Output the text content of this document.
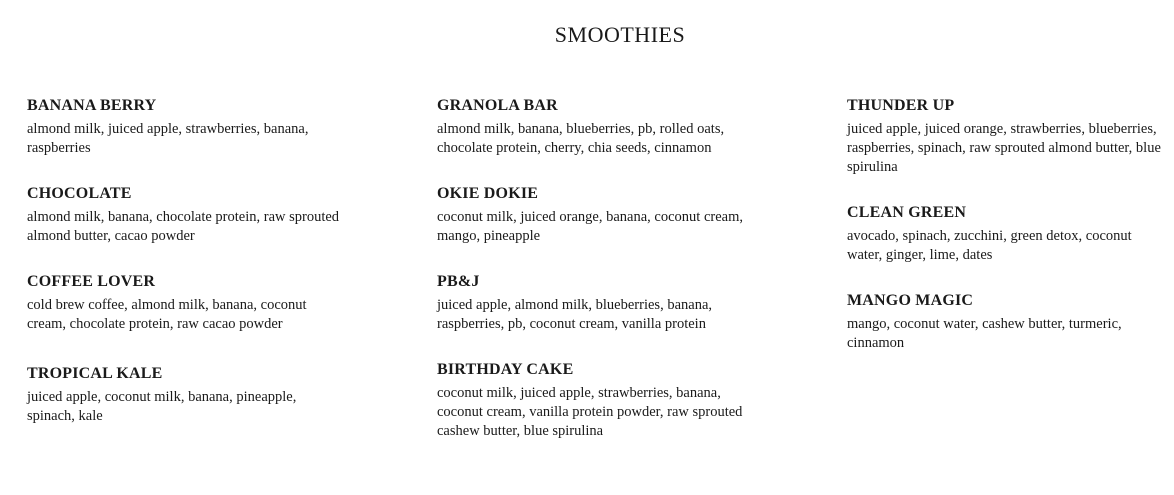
SMOOTHIES

BANANA BERRY

almond milk, juiced apple, strawberries, banana, raspberries

CHOCOLATE

almond milk, banana, chocolate protein, raw sprouted almond butter, cacao powder

COFFEE LOVER

cold brew coffee, almond milk, banana, coconut cream, chocolate protein, raw cacao powder

TROPICAL KALE

juiced apple, coconut milk, banana, pineapple, spinach, kale

GRANOLA BAR

almond milk, banana, blueberries, pb, rolled oats, chocolate protein, cherry, chia seeds, cinnamon

OKIE DOKIE

coconut milk, juiced orange, banana, coconut cream, mango, pineapple

PB&J

juiced apple, almond milk, blueberries, banana, raspberries, pb, coconut cream, vanilla protein

BIRTHDAY CAKE

coconut milk, juiced apple, strawberries, banana, coconut cream, vanilla protein powder, raw sprouted cashew butter, blue spirulina

THUNDER UP

juiced apple, juiced orange, strawberries, blueberries, raspberries, spinach, raw sprouted almond butter, blue spirulina

CLEAN GREEN

avocado, spinach, zucchini, green detox, coconut water, ginger, lime, dates

MANGO MAGIC

mango, coconut water, cashew butter, turmeric, cinnamon
